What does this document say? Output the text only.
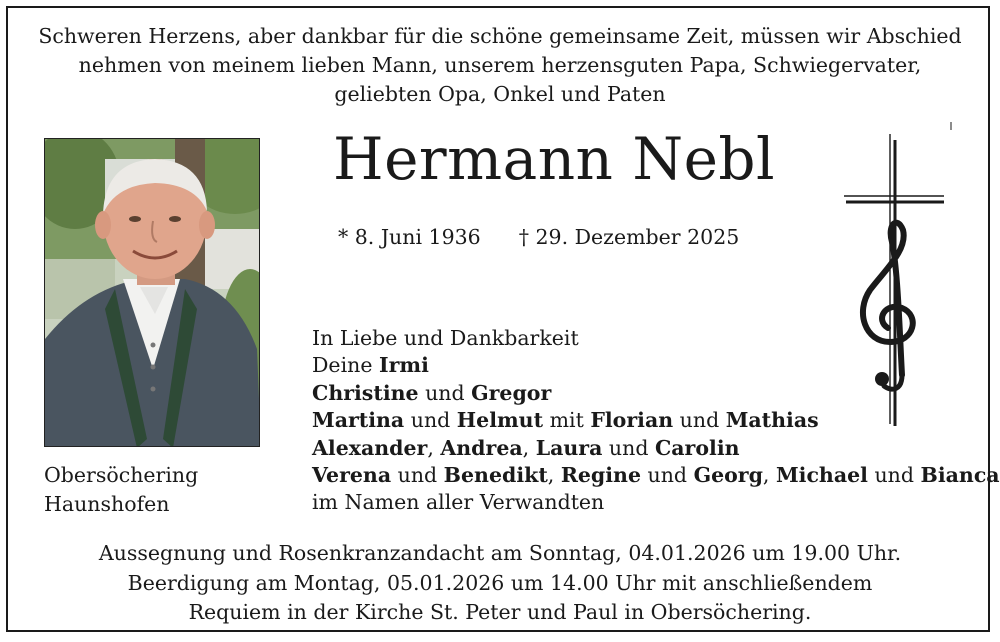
Schweren Herzens, aber dankbar für die schöne gemeinsame Zeit, müssen wir Abschied
nehmen von meinem lieben Mann, unserem herzensguten Papa, Schwiegervater,
geliebten Opa, Onkel und Paten
Hermann Nebl
* 8. Juni 1936 † 29. Dezember 2025
Obersöchering
Haunshofen
In Liebe und Dankbarkeit
Deine Irmi
Christine und Gregor
Martina und Helmut mit Florian und Mathias
Alexander, Andrea, Laura und Carolin
Verena und Benedikt, Regine und Georg, Michael und Bianca
im Namen aller Verwandten
Aussegnung und Rosenkranzandacht am Sonntag, 04.01.2026 um 19.00 Uhr.
Beerdigung am Montag, 05.01.2026 um 14.00 Uhr mit anschließendem
Requiem in der Kirche St. Peter und Paul in Obersöchering.
